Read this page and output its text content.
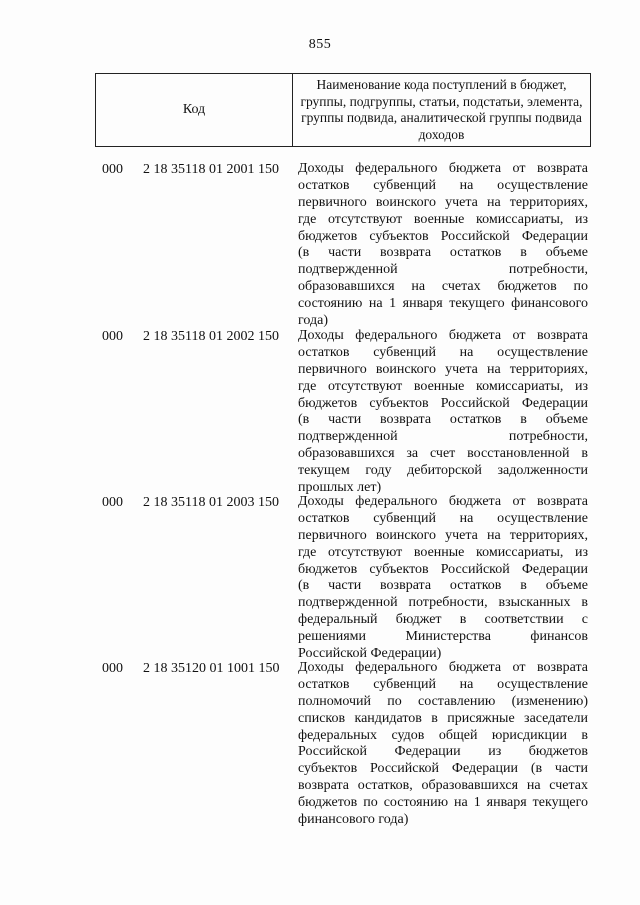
855
Код
Наименование кода поступлений в бюджет, группы, подгруппы, статьи, подстатьи, элемента, группы подвида, аналитической группы подвида доходов
000 2 18 35118 01 2001 150 Доходы федерального бюджета от возврата
остатков субвенций на осуществление
первичного воинского учета на территориях,
где отсутствуют военные комиссариаты, из
бюджетов субъектов Российской Федерации
(в части возврата остатков в объеме
подтвержденной потребности,
образовавшихся на счетах бюджетов по
состоянию на 1 января текущего финансового
года)
000 2 18 35118 01 2002 150 Доходы федерального бюджета от возврата
остатков субвенций на осуществление
первичного воинского учета на территориях,
где отсутствуют военные комиссариаты, из
бюджетов субъектов Российской Федерации
(в части возврата остатков в объеме
подтвержденной потребности,
образовавшихся за счет восстановленной в
текущем году дебиторской задолженности
прошлых лет)
000 2 18 35118 01 2003 150 Доходы федерального бюджета от возврата
остатков субвенций на осуществление
первичного воинского учета на территориях,
где отсутствуют военные комиссариаты, из
бюджетов субъектов Российской Федерации
(в части возврата остатков в объеме
подтвержденной потребности, взысканных в
федеральный бюджет в соответствии с
решениями Министерства финансов
Российской Федерации)
000 2 18 35120 01 1001 150 Доходы федерального бюджета от возврата
остатков субвенций на осуществление
полномочий по составлению (изменению)
списков кандидатов в присяжные заседатели
федеральных судов общей юрисдикции в
Российской Федерации из бюджетов
субъектов Российской Федерации (в части
возврата остатков, образовавшихся на счетах
бюджетов по состоянию на 1 января текущего
финансового года)
